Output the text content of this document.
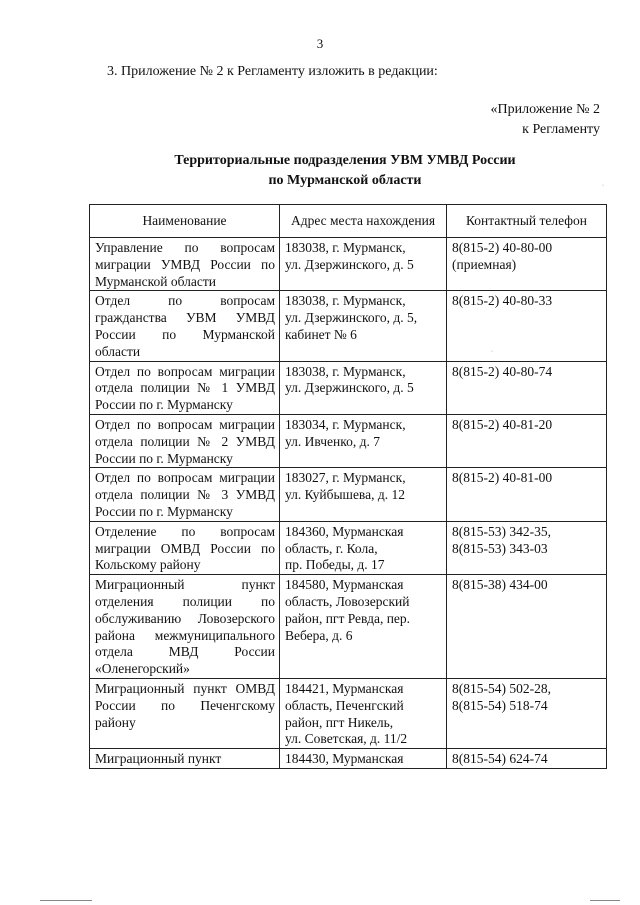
3
3. Приложение № 2 к Регламенту изложить в редакции:
«Приложение № 2
к Регламенту
Территориальные подразделения УВМ УМВД России
по Мурманской области	·
·
Наименование	Адрес места нахождения	Контактный телефон
Управление по вопросам миграции УМВД России по Мурманской области	183038, г. Мурманск,
ул. Дзержинского, д. 5	8(815-2) 40-80-00
(приемная)

Отдел по вопросам гражданства УВМ УМВД России по Мурманской области	183038, г. Мурманск,
ул. Дзержинского, д. 5,
кабинет № 6	8(815-2) 40-80-33

Отдел по вопросам миграции отдела полиции № 1 УМВД России по г. Мурманску	183038, г. Мурманск,
ул. Дзержинского, д. 5	8(815-2) 40-80-74

Отдел по вопросам миграции отдела полиции № 2 УМВД России по г. Мурманску	183034, г. Мурманск,
ул. Ивченко, д. 7	8(815-2) 40-81-20

Отдел по вопросам миграции отдела полиции № 3 УМВД России по г. Мурманску	183027, г. Мурманск,
ул. Куйбышева, д. 12	8(815-2) 40-81-00

Отделение по вопросам миграции ОМВД России по Кольскому району	184360, Мурманская
область, г. Кола,
пр. Победы, д. 17	8(815-53) 342-35,
8(815-53) 343-03

Миграционный пункт отделения полиции по обслуживанию Ловозерского района межмуниципального отдела МВД России «Оленегорский»	184580, Мурманская
область, Ловозерский
район, пгт Ревда, пер.
Вебера, д. 6	8(815-38) 434-00

Миграционный пункт ОМВД России по Печенгскому району	184421, Мурманская
область, Печенгский
район, пгт Никель,
ул. Советская, д. 11/2	8(815-54) 502-28,
8(815-54) 518-74

Миграционный пункт	184430, Мурманская	8(815-54) 624-74
